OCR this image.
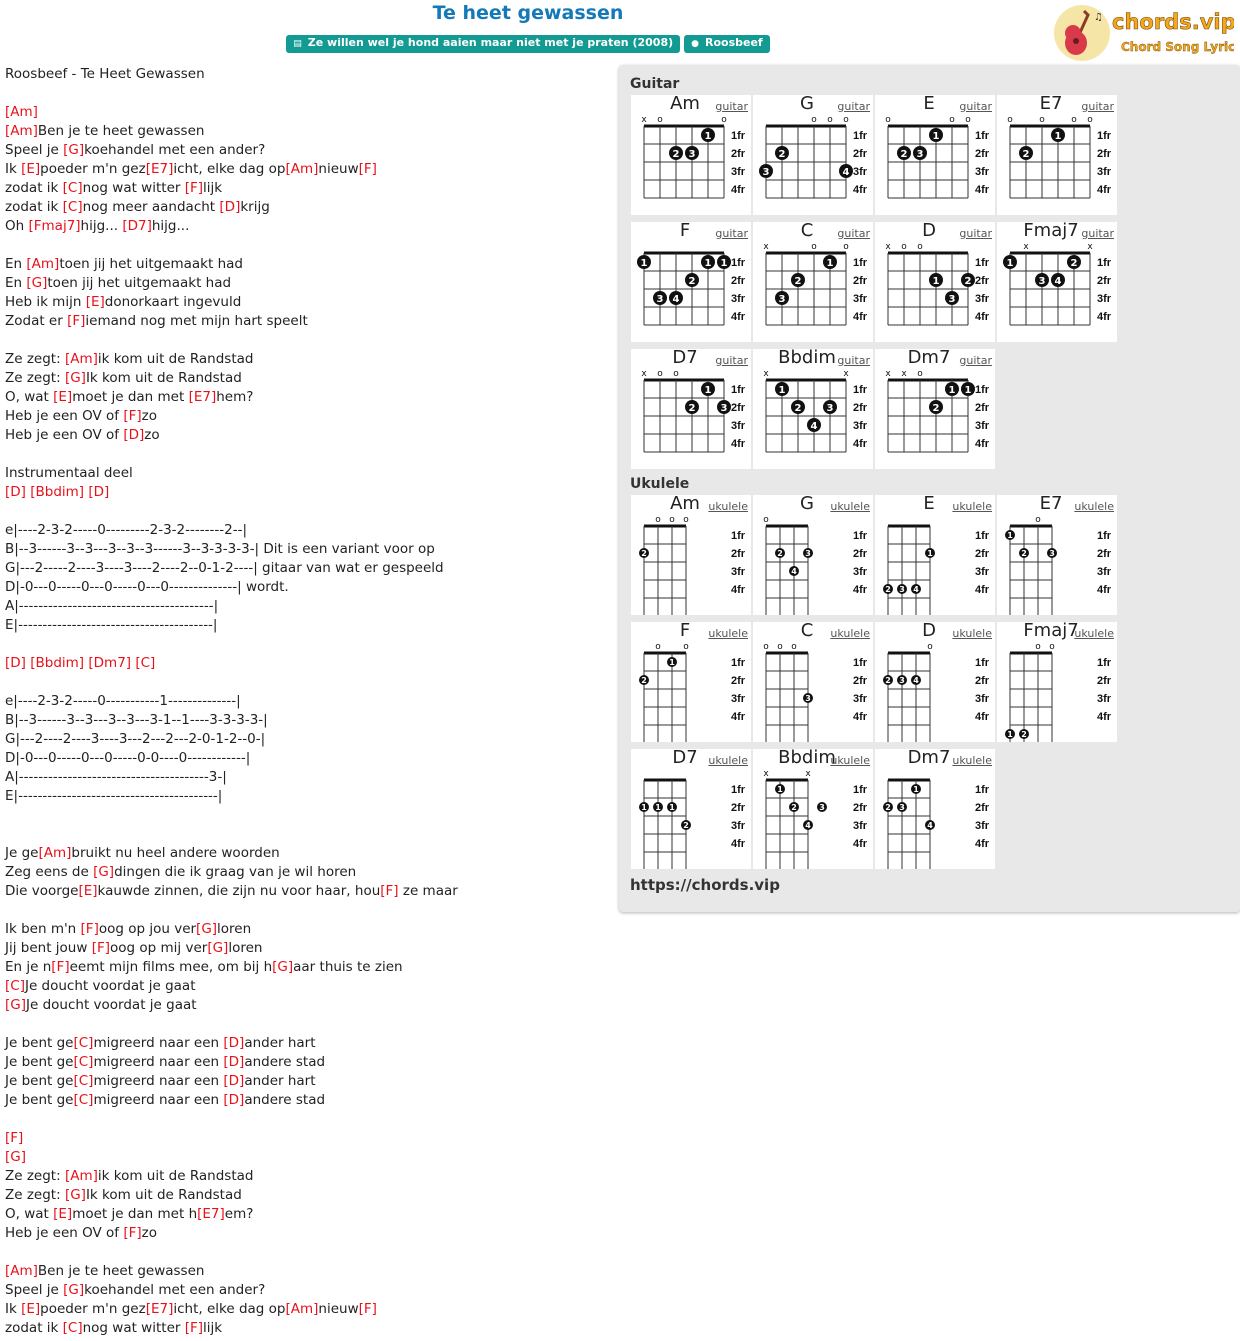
Te heet gewassen
▤ Ze willen wel je hond aaien maar niet met je praten (2008) ● Roosbeef
♫ chords.vip
Chord Song Lyric
Roosbeef - Te Heet Gewassen

[Am]
[Am]Ben je te heet gewassen
Speel je [G]koehandel met een ander?
Ik [E]poeder m'n gez[E7]icht, elke dag op[Am]nieuw[F]
zodat ik [C]nog wat witter [F]lijk
zodat ik [C]nog meer aandacht [D]krijg
Oh [Fmaj7]hijg... [D7]hijg...

En [Am]toen jij het uitgemaakt had
En [G]toen jij het uitgemaakt had
Heb ik mijn [E]donorkaart ingevuld
Zodat er [F]iemand nog met mijn hart speelt

Ze zegt: [Am]ik kom uit de Randstad
Ze zegt: [G]Ik kom uit de Randstad
O, wat [E]moet je dan met [E7]hem?
Heb je een OV of [F]zo
Heb je een OV of [D]zo

Instrumentaal deel
[D] [Bbdim] [D]

e|----2-3-2-----0---------2-3-2--------2--|
B|--3------3--3---3--3--3------3--3-3-3-3-| Dit is een variant voor op
G|---2-----2----3----3----2----2--0-1-2----| gitaar van wat er gespeeld
D|-0---0-----0---0-----0---0--------------| wordt.
A|----------------------------------------|
E|----------------------------------------|

[D] [Bbdim] [Dm7] [C]

e|----2-3-2-----0-----------1--------------|
B|--3------3--3---3--3---3-1--1----3-3-3-3-|
G|---2----2----3----3---2---2---2-0-1-2--0-|
D|-0---0-----0---0-----0-0----0------------|
A|---------------------------------------3-|
E|-----------------------------------------|

Je ge[Am]bruikt nu heel andere woorden
Zeg eens de [G]dingen die ik graag van je wil horen
Die voorge[E]kauwde zinnen, die zijn nu voor haar, hou[F] ze maar

Ik ben m'n [F]oog op jou ver[G]loren
Jij bent jouw [F]oog op mij ver[G]loren
En je n[F]eemt mijn films mee, om bij h[G]aar thuis te zien
[C]Je doucht voordat je gaat
[G]Je doucht voordat je gaat

Je bent ge[C]migreerd naar een [D]ander hart
Je bent ge[C]migreerd naar een [D]andere stad
Je bent ge[C]migreerd naar een [D]ander hart
Je bent ge[C]migreerd naar een [D]andere stad

[F]
[G]
Ze zegt: [Am]ik kom uit de Randstad
Ze zegt: [G]Ik kom uit de Randstad
O, wat [E]moet je dan met h[E7]em?
Heb je een OV of [F]zo

[Am]Ben je te heet gewassen
Speel je [G]koehandel met een ander?
Ik [E]poeder m'n gez[E7]icht, elke dag op[Am]nieuw[F]
zodat ik [C]nog wat witter [F]lijk
Guitar
Ukulele
https://chords.vip
Am	guitar
1fr
2fr
3fr
4fr
x o	o
1
2 3
G	guitar
1fr
2fr
3fr
4fr
o o o
2
3	4
E	guitar
1fr
2fr
3fr
4fr
o	o o
1
2 3
E7	guitar
1fr
2fr
3fr
4fr
o	o	o o
1
2
F	guitar
1fr
2fr
3fr
4fr
1	1 1
2
3 4
C	guitar
1fr
2fr
3fr
4fr
x	o	o
1
2
3
D	guitar
1fr
2fr
3fr
4fr
x o o
1	2
3
Fmaj7 guitar
1fr
2fr
3fr
4fr
x	x
1	2
3 4
D7	guitar
1fr
2fr
3fr
4fr
x o o
1
2	3
Bbdim guitar
1fr
2fr
3fr
4fr
x	x
1
2	3
4
Dm7 guitar
1fr
2fr
3fr
4fr
x x o
1 1
2
Am ukulele
1fr
2fr
3fr
4fr
o o o
2
G	ukulele
1fr
2fr
3fr
4fr
o
2	3
4
E	ukulele
1fr
2fr
3fr
4fr
1
2 3 4
E7	ukulele
1fr
2fr
3fr
4fr
o
1
2	3
F	ukulele
1fr
2fr
3fr
4fr
o o
1
2
C	ukulele
1fr
2fr
3fr
4fr
o o o
3
D	ukulele
1fr
2fr
3fr
4fr
o
2 3 4
Fmaj7
ukulele
1fr
2fr
3fr
4fr
o o
1 2
D7 ukulele
1fr
2fr
3fr
4fr
1 1 1
2
Bbdim
ukulele
1fr
2fr
3fr
4fr
x	x
1
2
4
3
Dm7 ukulele
1fr
2fr
3fr
4fr
1
2 3
4
